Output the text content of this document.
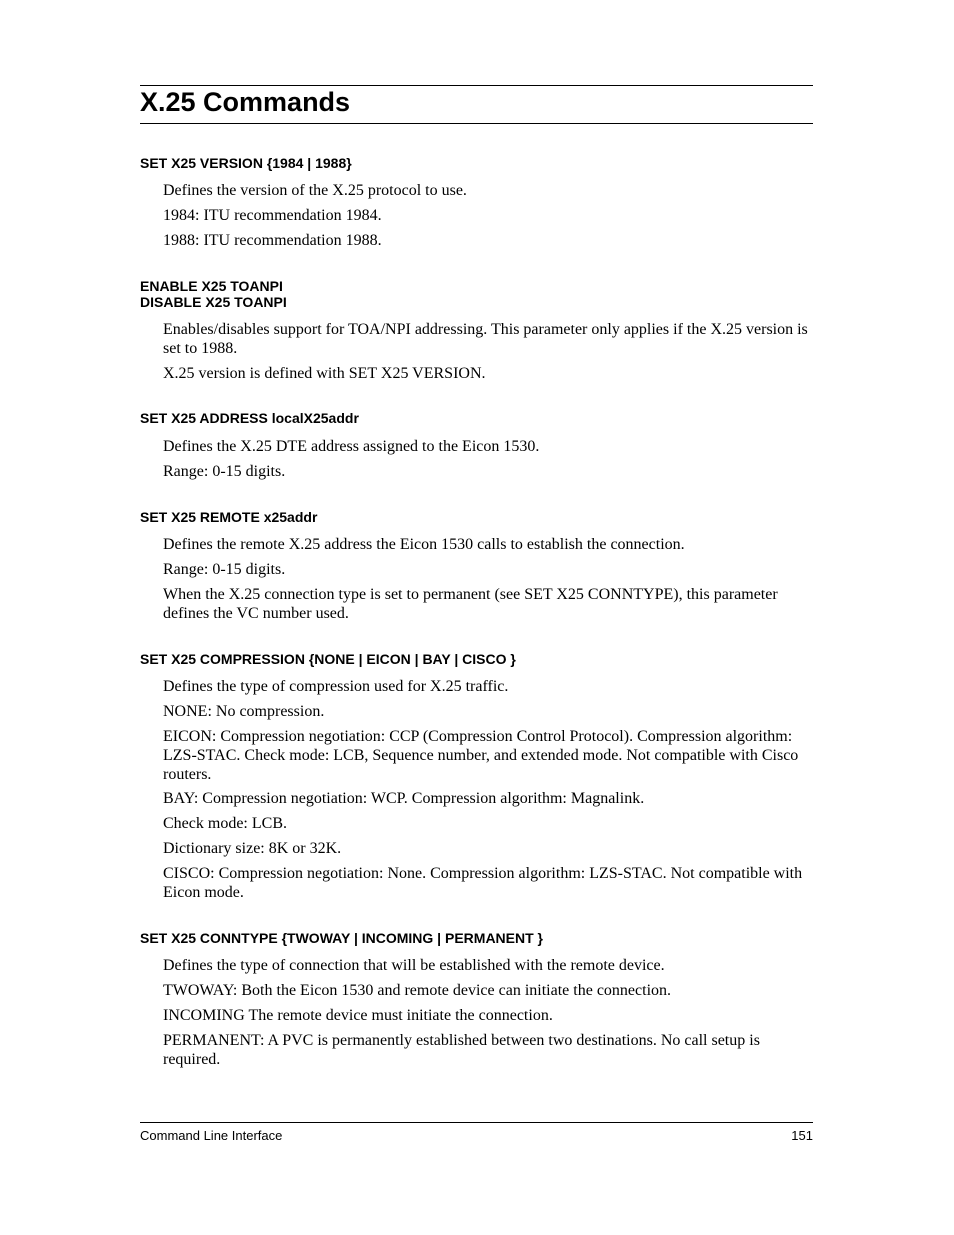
X.25 Commands
SET X25 VERSION {1984 | 1988}

Defines the version of the X.25 protocol to use.

1984: ITU recommendation 1984.

1988: ITU recommendation 1988.

ENABLE X25 TOANPI
DISABLE X25 TOANPI

Enables/disables support for TOA/NPI addressing. This parameter only applies if the X.25 version is set to 1988.

X.25 version is defined with SET X25 VERSION.

SET X25 ADDRESS localX25addr

Defines the X.25 DTE address assigned to the Eicon 1530.

Range: 0-15 digits.

SET X25 REMOTE x25addr

Defines the remote X.25 address the Eicon 1530 calls to establish the connection.

Range: 0-15 digits.

When the X.25 connection type is set to permanent (see SET X25 CONNTYPE), this parameter defines the VC number used.

SET X25 COMPRESSION {NONE | EICON | BAY | CISCO }

Defines the type of compression used for X.25 traffic.

NONE: No compression.

EICON: Compression negotiation: CCP (Compression Control Protocol). Compression algorithm: LZS-STAC. Check mode: LCB, Sequence number, and extended mode. Not compatible with Cisco routers.

BAY: Compression negotiation: WCP. Compression algorithm: Magnalink.

Check mode: LCB.

Dictionary size: 8K or 32K.

CISCO: Compression negotiation: None. Compression algorithm: LZS-STAC. Not compatible with Eicon mode.

SET X25 CONNTYPE {TWOWAY | INCOMING | PERMANENT }

Defines the type of connection that will be established with the remote device.

TWOWAY: Both the Eicon 1530 and remote device can initiate the connection.

INCOMING The remote device must initiate the connection.

PERMANENT: A PVC is permanently established between two destinations. No call setup is required.

Command Line Interface	151
